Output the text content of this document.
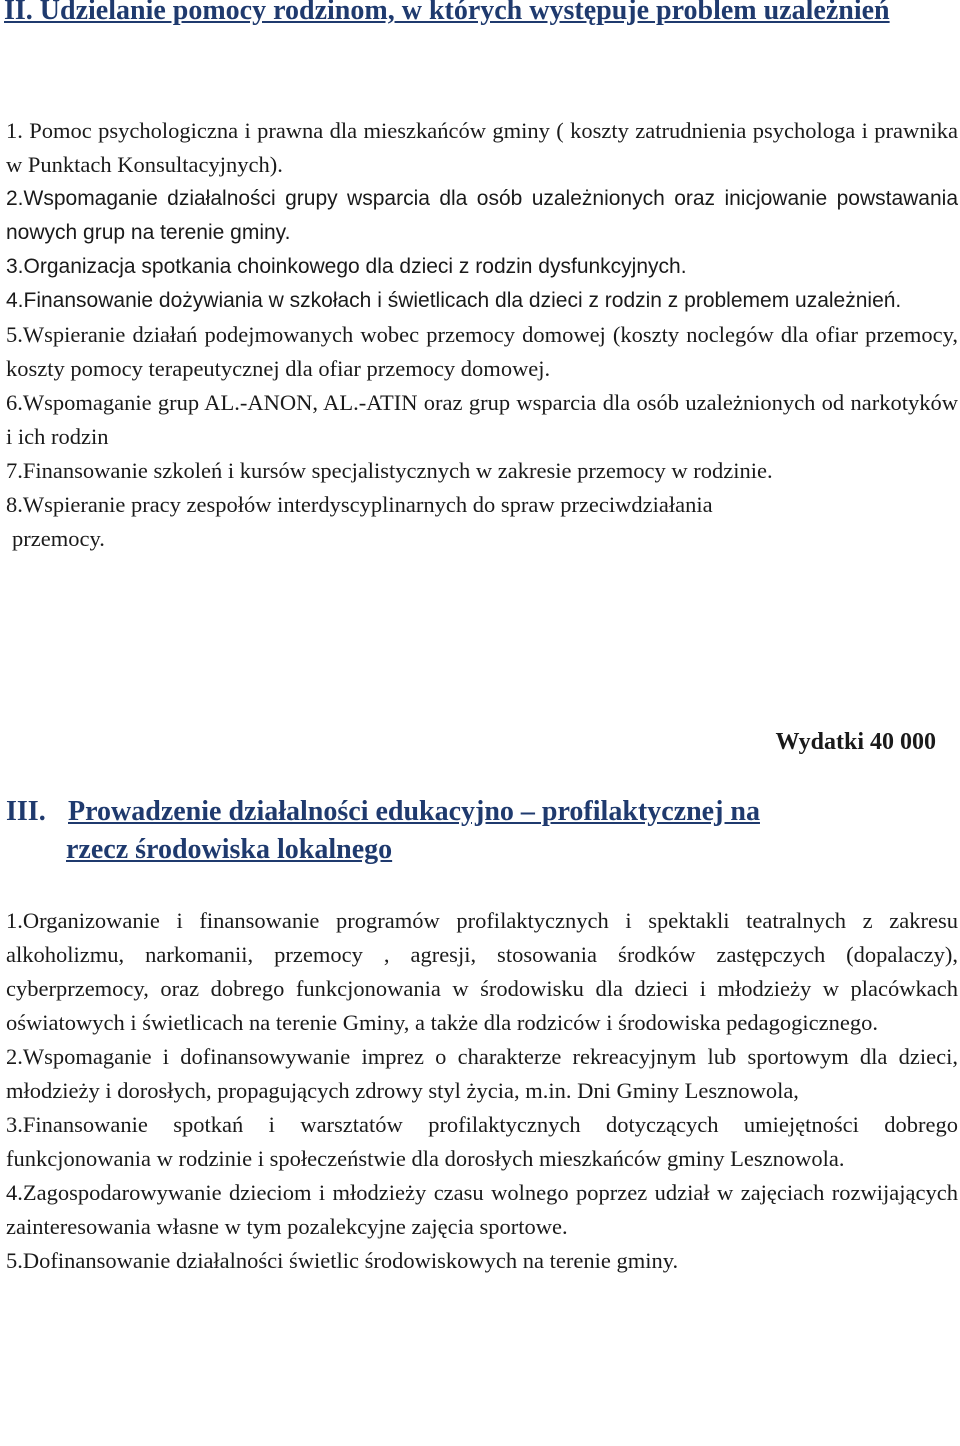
II. Udzielanie pomocy rodzinom, w których występuje problem uzależnień
1. Pomoc psychologiczna i prawna dla mieszkańców gminy ( koszty zatrudnienia psychologa i prawnika w Punktach Konsultacyjnych).
2.Wspomaganie działalności grupy wsparcia dla osób uzależnionych oraz inicjowanie powstawania nowych grup na terenie gminy.
3.Organizacja spotkania choinkowego dla dzieci z rodzin dysfunkcyjnych.
4.Finansowanie dożywiania w szkołach i świetlicach dla dzieci z rodzin z problemem uzależnień.
5.Wspieranie działań podejmowanych wobec przemocy domowej (koszty noclegów dla ofiar przemocy, koszty pomocy terapeutycznej dla ofiar przemocy domowej.
6.Wspomaganie grup AL.-ANON, AL.-ATIN oraz grup wsparcia dla osób uzależnionych od narkotyków i ich rodzin
7.Finansowanie szkoleń i kursów specjalistycznych w zakresie przemocy w rodzinie.
8.Wspieranie pracy zespołów interdyscyplinarnych do spraw przeciwdziałania
przemocy.
Wydatki 40 000
III. Prowadzenie działalności edukacyjno – profilaktycznej na
rzecz środowiska lokalnego
1.Organizowanie i finansowanie programów profilaktycznych i spektakli teatralnych z zakresu alkoholizmu, narkomanii, przemocy , agresji, stosowania środków zastępczych (dopalaczy), cyberprzemocy, oraz dobrego funkcjonowania w środowisku dla dzieci i młodzieży w placówkach oświatowych i świetlicach na terenie Gminy, a także dla rodziców i środowiska pedagogicznego.
2.Wspomaganie i dofinansowywanie imprez o charakterze rekreacyjnym lub sportowym dla dzieci, młodzieży i dorosłych, propagujących zdrowy styl życia, m.in. Dni Gminy Lesznowola,
3.Finansowanie spotkań i warsztatów profilaktycznych dotyczących umiejętności dobrego funkcjonowania w rodzinie i społeczeństwie dla dorosłych mieszkańców gminy Lesznowola.
4.Zagospodarowywanie dzieciom i młodzieży czasu wolnego poprzez udział w zajęciach rozwijających zainteresowania własne w tym pozalekcyjne zajęcia sportowe.
5.Dofinansowanie działalności świetlic środowiskowych na terenie gminy.
